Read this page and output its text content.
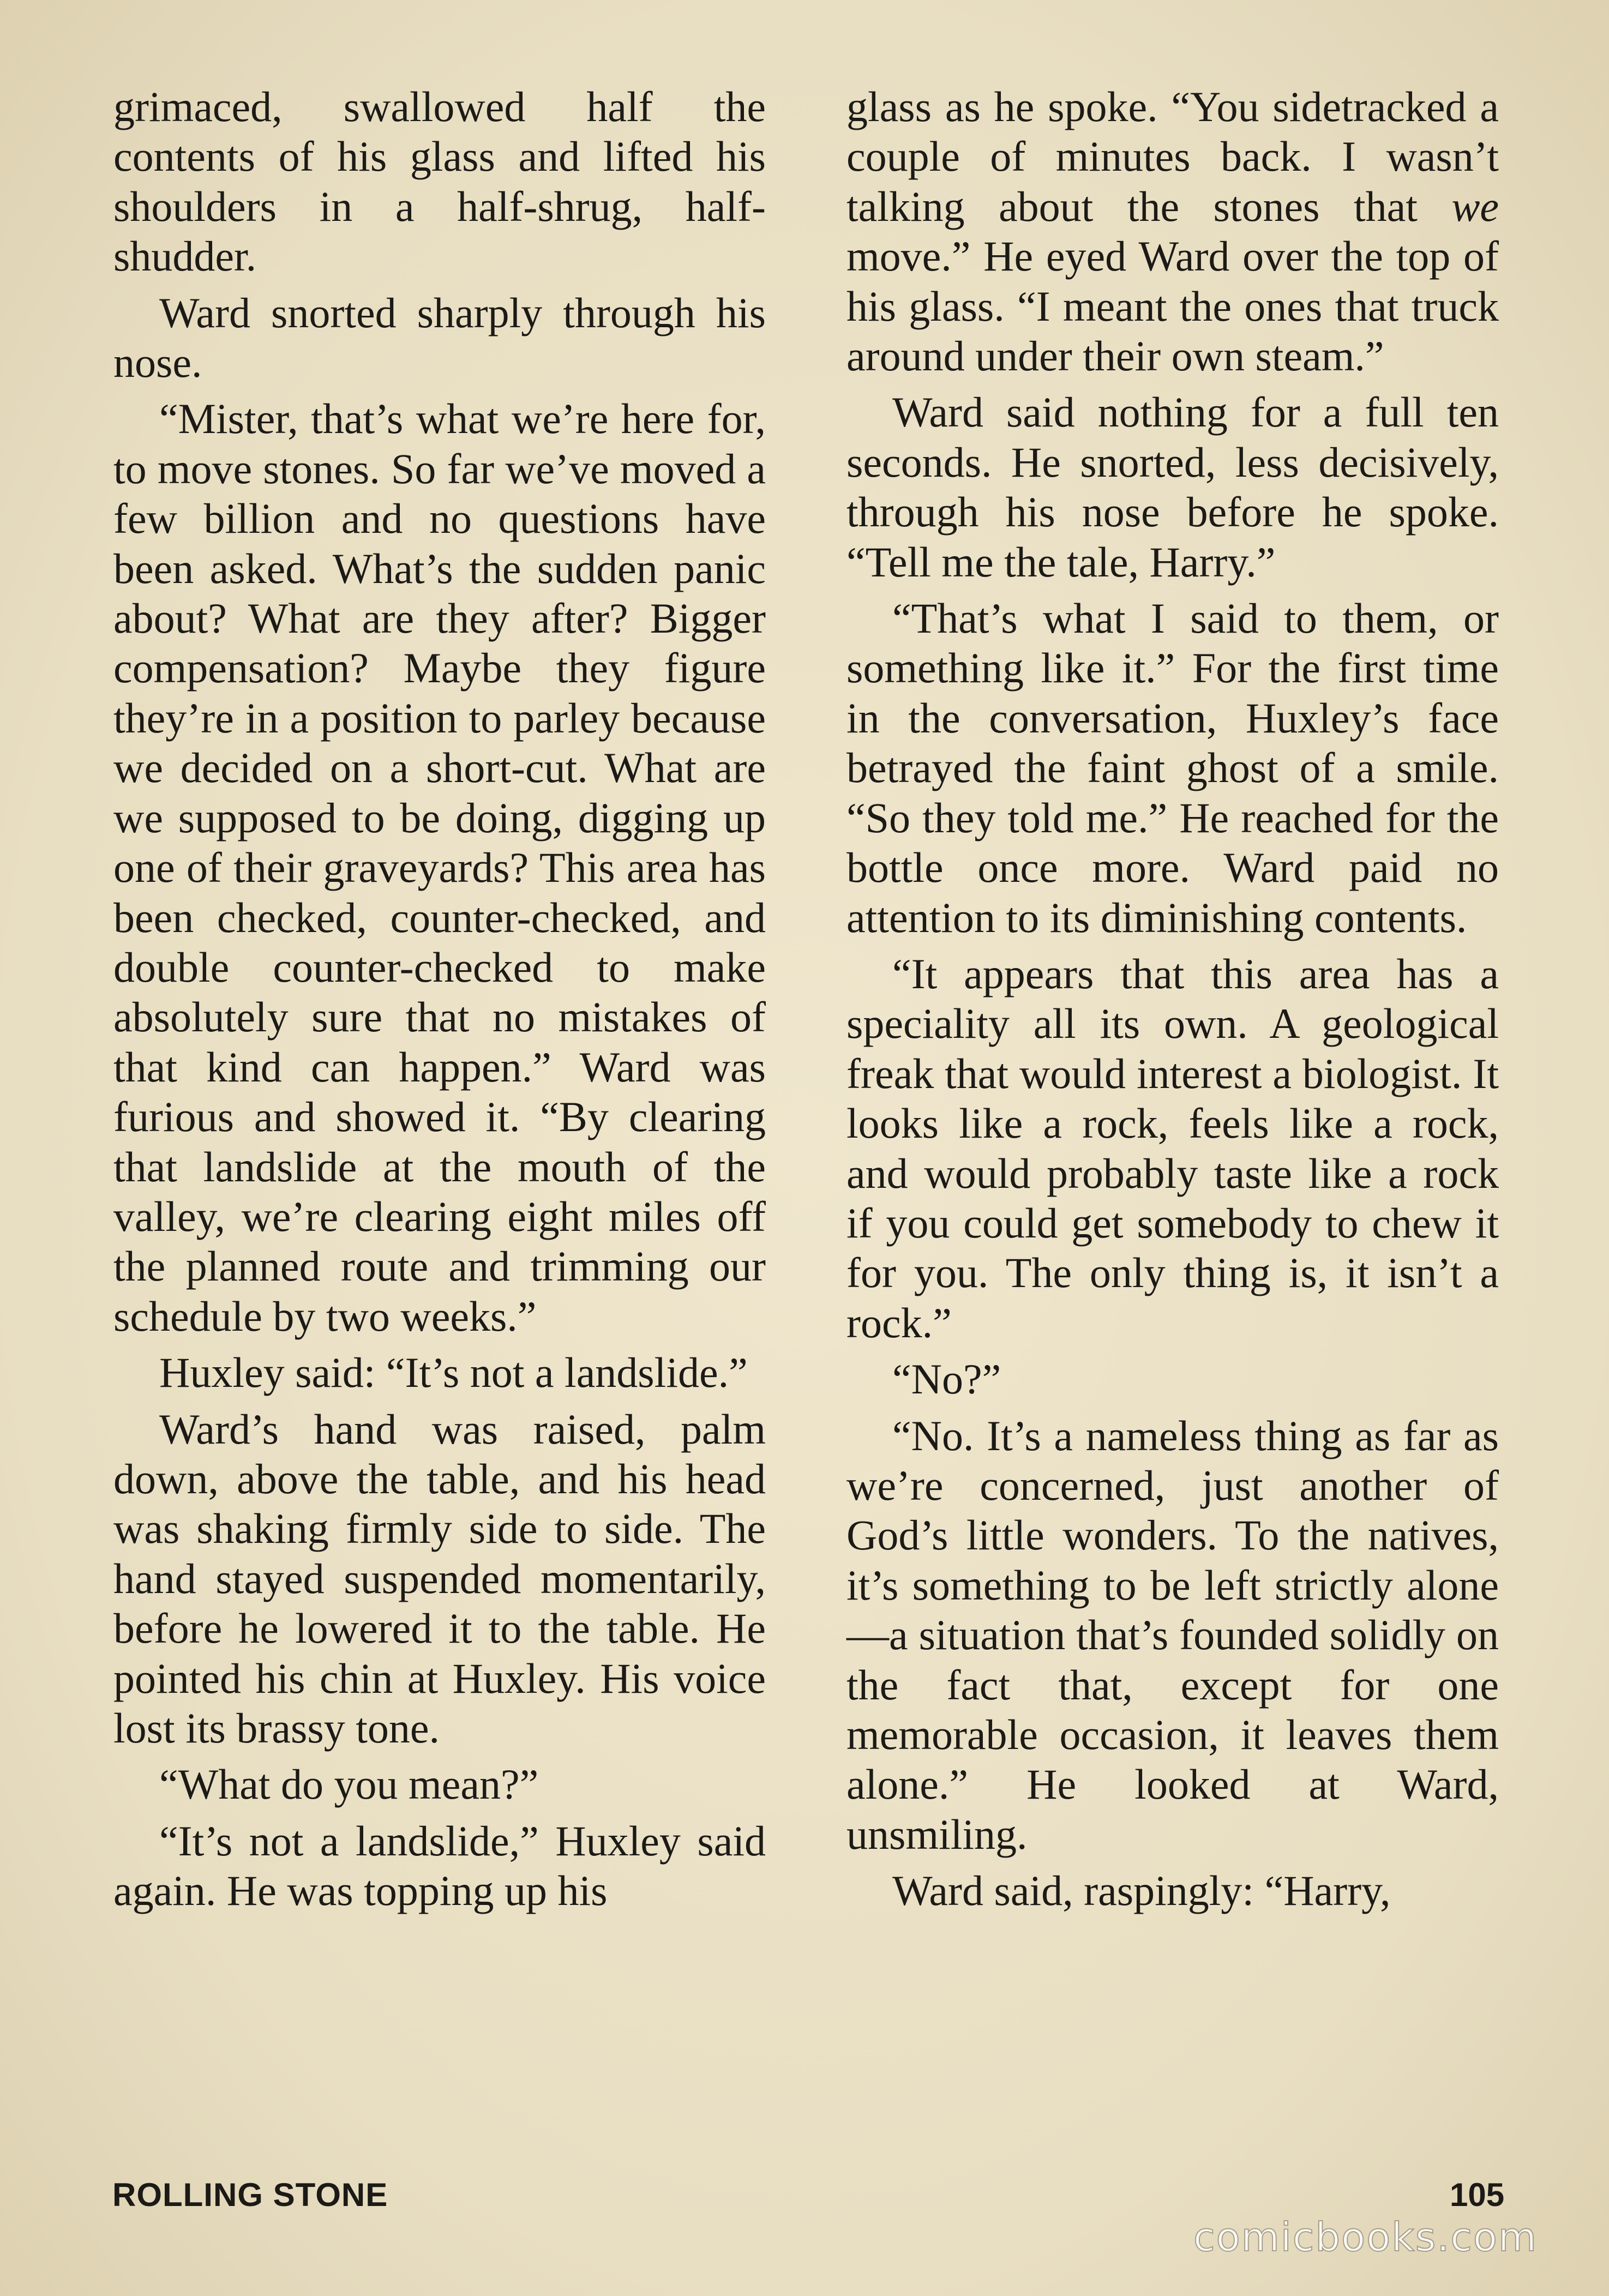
grimaced, swallowed half the contents of his glass and lifted his shoulders in a half-shrug, half-shudder.

Ward snorted sharply through his nose.

“Mister, that’s what we’re here for, to move stones. So far we’ve moved a few billion and no questions have been asked. What’s the sudden panic about? What are they after? Bigger compensation? Maybe they figure they’re in a position to parley because we decided on a short-cut. What are we supposed to be doing, digging up one of their graveyards? This area has been checked, counter-checked, and double counter-checked to make absolutely sure that no mistakes of that kind can happen.” Ward was furious and showed it. “By clearing that landslide at the mouth of the valley, we’re clearing eight miles off the planned route and trimming our schedule by two weeks.”

Huxley said: “It’s not a landslide.”

Ward’s hand was raised, palm down, above the table, and his head was shaking firmly side to side. The hand stayed suspended momentarily, before he lowered it to the table. He pointed his chin at Huxley. His voice lost its brassy tone.

“What do you mean?”

“It’s not a landslide,” Huxley said again. He was topping up his

glass as he spoke. “You sidetracked a couple of minutes back. I wasn’t talking about the stones that we move.” He eyed Ward over the top of his glass. “I meant the ones that truck around under their own steam.”

Ward said nothing for a full ten seconds. He snorted, less decisively, through his nose before he spoke. “Tell me the tale, Harry.”

“That’s what I said to them, or something like it.” For the first time in the conversation, Huxley’s face betrayed the faint ghost of a smile. “So they told me.” He reached for the bottle once more. Ward paid no attention to its diminishing contents.

“It appears that this area has a speciality all its own. A geological freak that would interest a biologist. It looks like a rock, feels like a rock, and would probably taste like a rock if you could get somebody to chew it for you. The only thing is, it isn’t a rock.”

“No?”

“No. It’s a nameless thing as far as we’re concerned, just another of God’s little wonders. To the natives, it’s something to be left strictly alone—a situation that’s founded solidly on the fact that, except for one memorable occasion, it leaves them alone.” He looked at Ward, unsmiling.

Ward said, raspingly: “Harry,

ROLLING STONE	105
comicbooks.com
